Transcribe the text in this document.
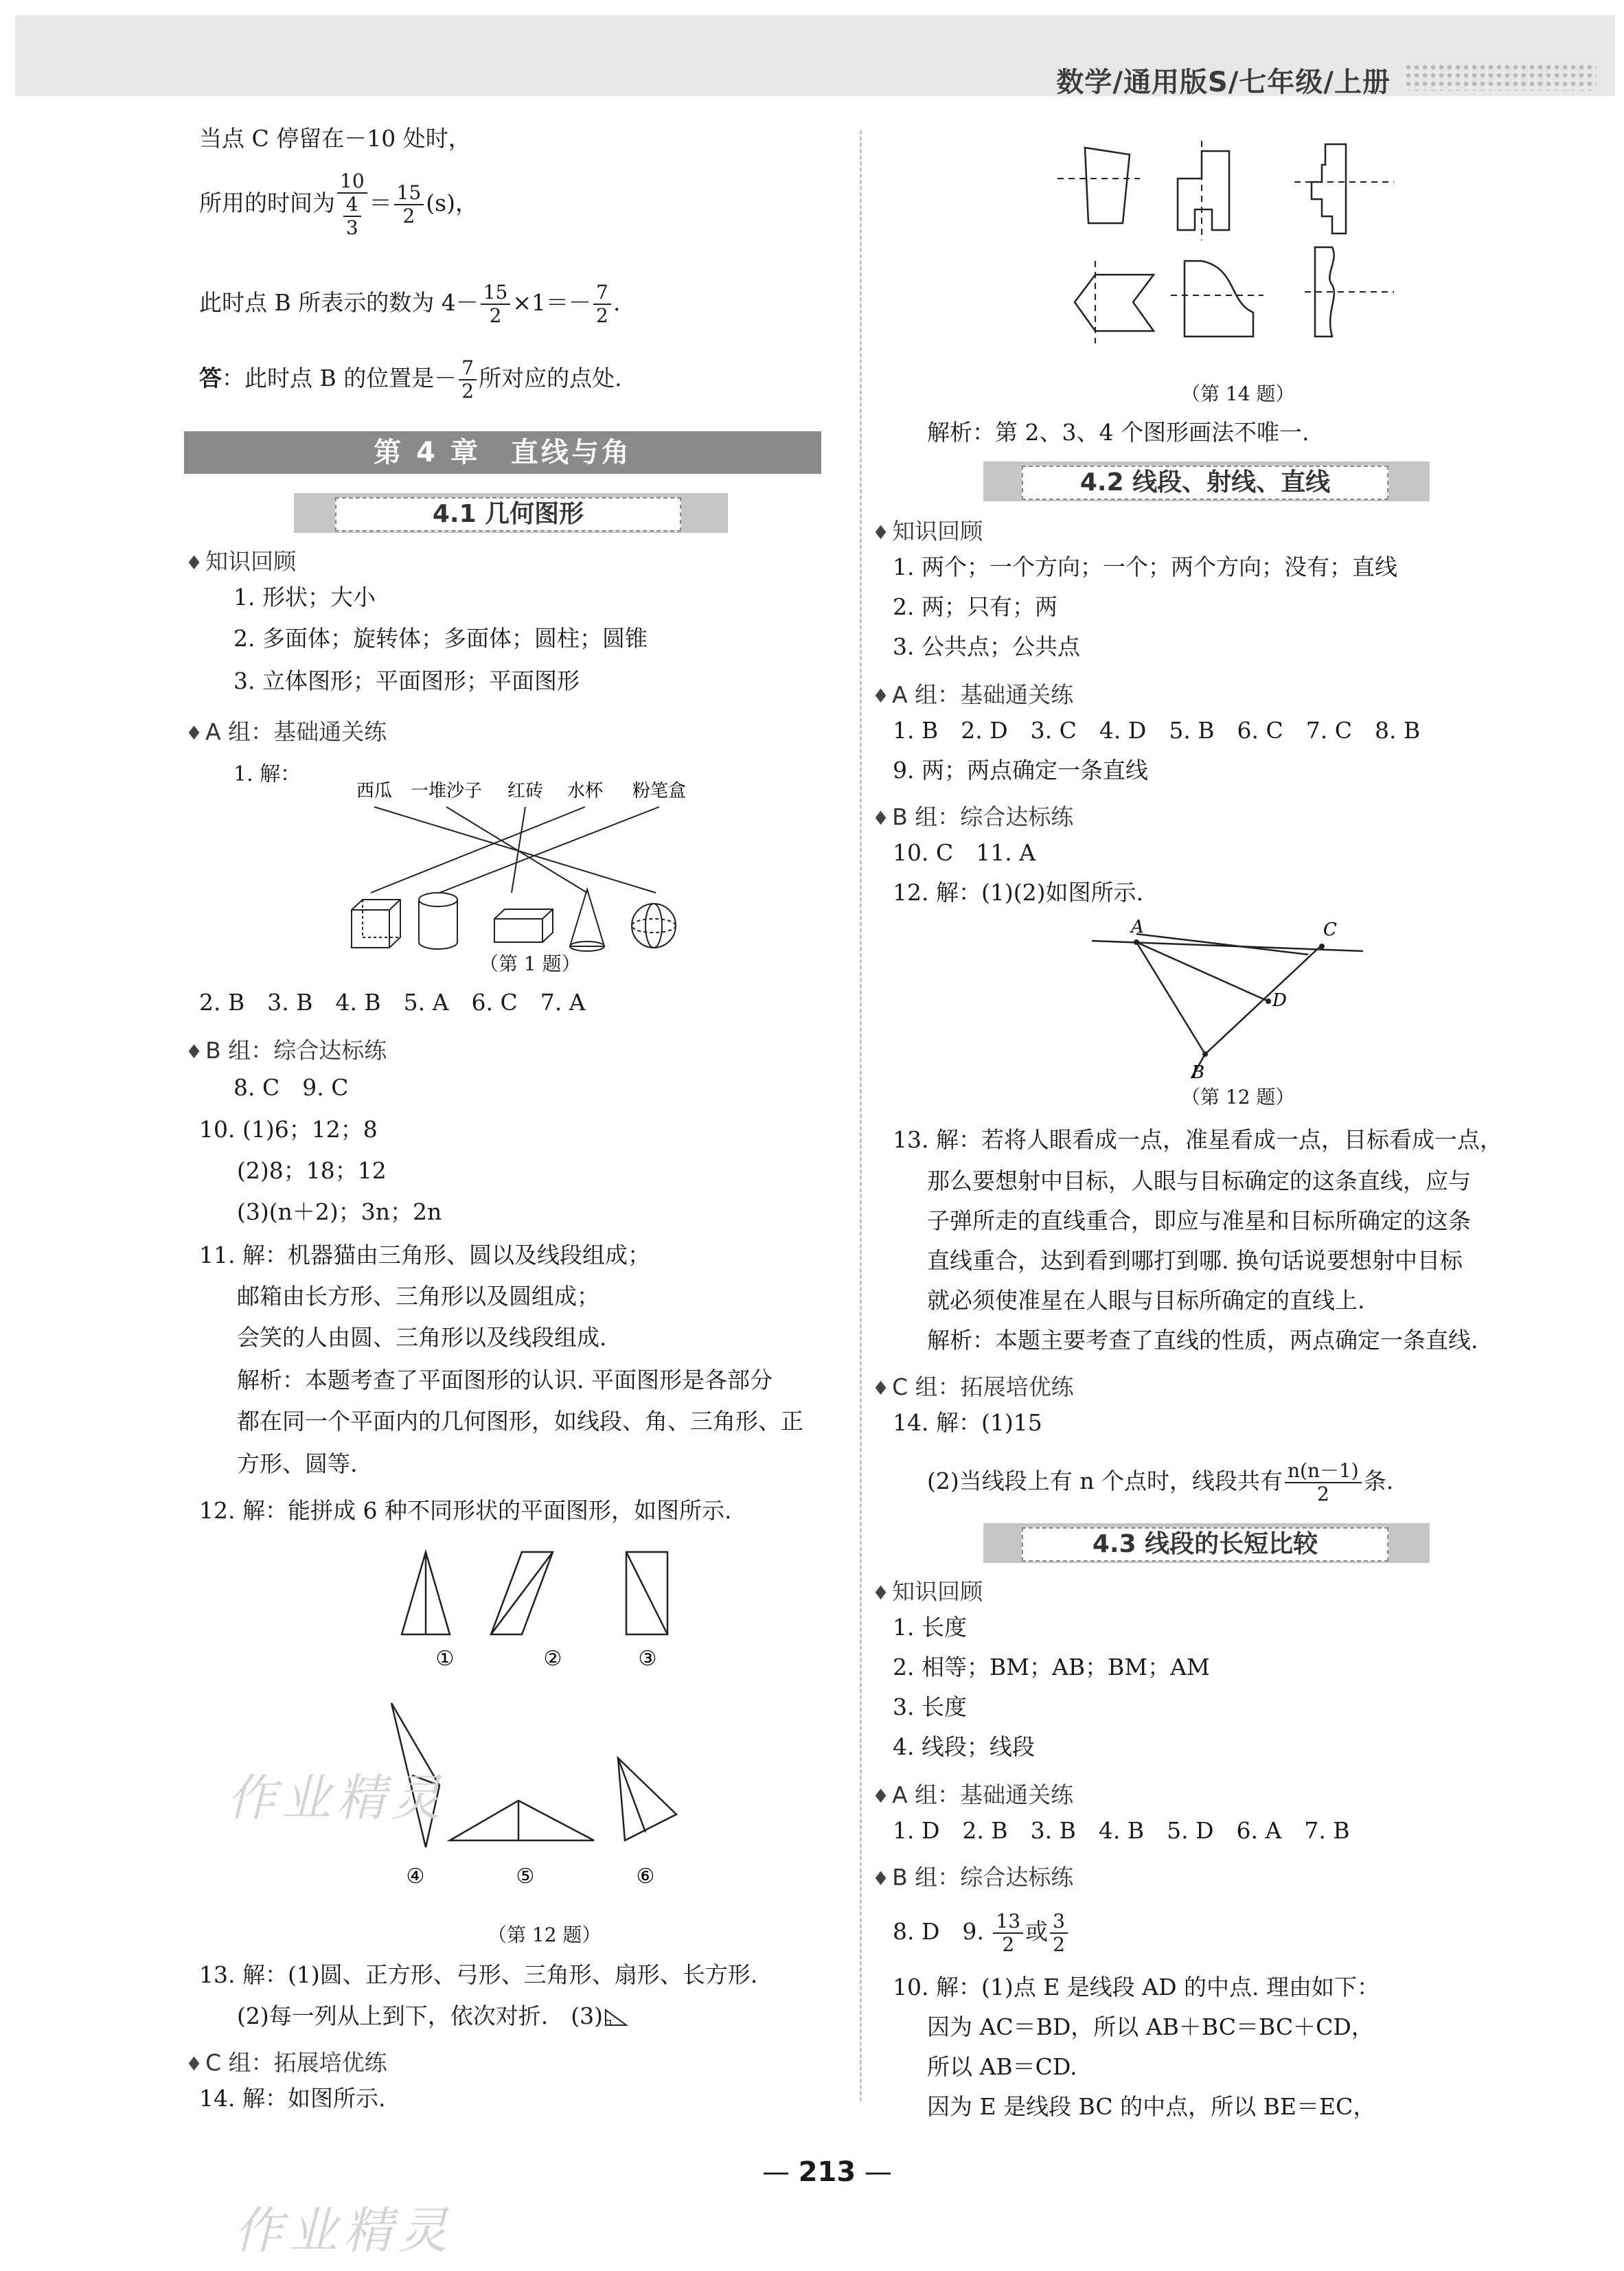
数学/通用版S/七年级/上册
当点 C 停留在－10 处时，
所用的时间为 $\frac{10}{\frac{4}{3}} = \frac{15}{2} (s)$，
此时点 B 所表示的数为 $4- \frac{15}{2} \times 1=- \frac{7}{2}$ .
答：此时点 B 的位置是－ $\frac{7}{2}$ 所对应的点处.
第 4 章　直线与角
4.1 几何图形
♦ 知识回顾
1. 形状；大小
2. 多面体；旋转体；多面体；圆柱；圆锥
3. 立体图形；平面图形；平面图形
♦ A 组：基础通关练
1. 解：
西瓜 一堆沙子 红砖 水杯 粉笔盒
（第 1 题）
2. B　3. B　4. B　5. A　6. C　7. A
♦ B 组：综合达标练
8. C　9. C
10. (1)6；12；8
(2)8；18；12
(3)(n＋2)；3n；2n
11. 解：机器猫由三角形、圆以及线段组成；
邮箱由长方形、三角形以及圆组成；
会笑的人由圆、三角形以及线段组成.
解析：本题考查了平面图形的认识. 平面图形是各部分
都在同一个平面内的几何图形，如线段、角、三角形、正
方形、圆等.
12. 解：能拼成 6 种不同形状的平面图形，如图所示.
①	②	③
④	⑤	⑥
（第 12 题）
13. 解：(1)圆、正方形、弓形、三角形、扇形、长方形.
(2)每一列从上到下，依次对折.　(3)
♦ C 组：拓展培优练
14. 解：如图所示.
（第 14 题）
解析：第 2、3、4 个图形画法不唯一.
4.2 线段、射线、直线
♦ 知识回顾
1. 两个；一个方向；一个；两个方向；没有；直线
2. 两；只有；两
3. 公共点；公共点
♦ A 组：基础通关练
1. B　2. D　3. C　4. D　5. B　6. C　7. C　8. B
9. 两；两点确定一条直线
♦ B 组：综合达标练
10. C　11. A
12. 解：(1)(2)如图所示.
A	C
D
B
（第 12 题）
13. 解：若将人眼看成一点，准星看成一点，目标看成一点，
那么要想射中目标，人眼与目标确定的这条直线，应与
子弹所走的直线重合，即应与准星和目标所确定的这条
直线重合，达到看到哪打到哪. 换句话说要想射中目标
就必须使准星在人眼与目标所确定的直线上.
解析：本题主要考查了直线的性质，两点确定一条直线.
♦ C 组：拓展培优练
14. 解：(1)15
(2)当线段上有 n 个点时，线段共有 $\frac{n(n-1)}{2}$ 条.
4.3 线段的长短比较
♦ 知识回顾
1. 长度
2. 相等；BM；AB；BM；AM
3. 长度
4. 线段；线段
♦ A 组：基础通关练
1. D　2. B　3. B　4. B　5. D　6. A　7. B
♦ B 组：综合达标练
8. D　9. $\frac{13}{2}$ 或 $\frac{3}{2}$
10. 解：(1)点 E 是线段 AD 的中点. 理由如下：
因为 AC＝BD，所以 AB＋BC＝BC＋CD，
所以 AB＝CD.
因为 E 是线段 BC 的中点，所以 BE＝EC，
— 213 —
作业精灵
作业精灵
